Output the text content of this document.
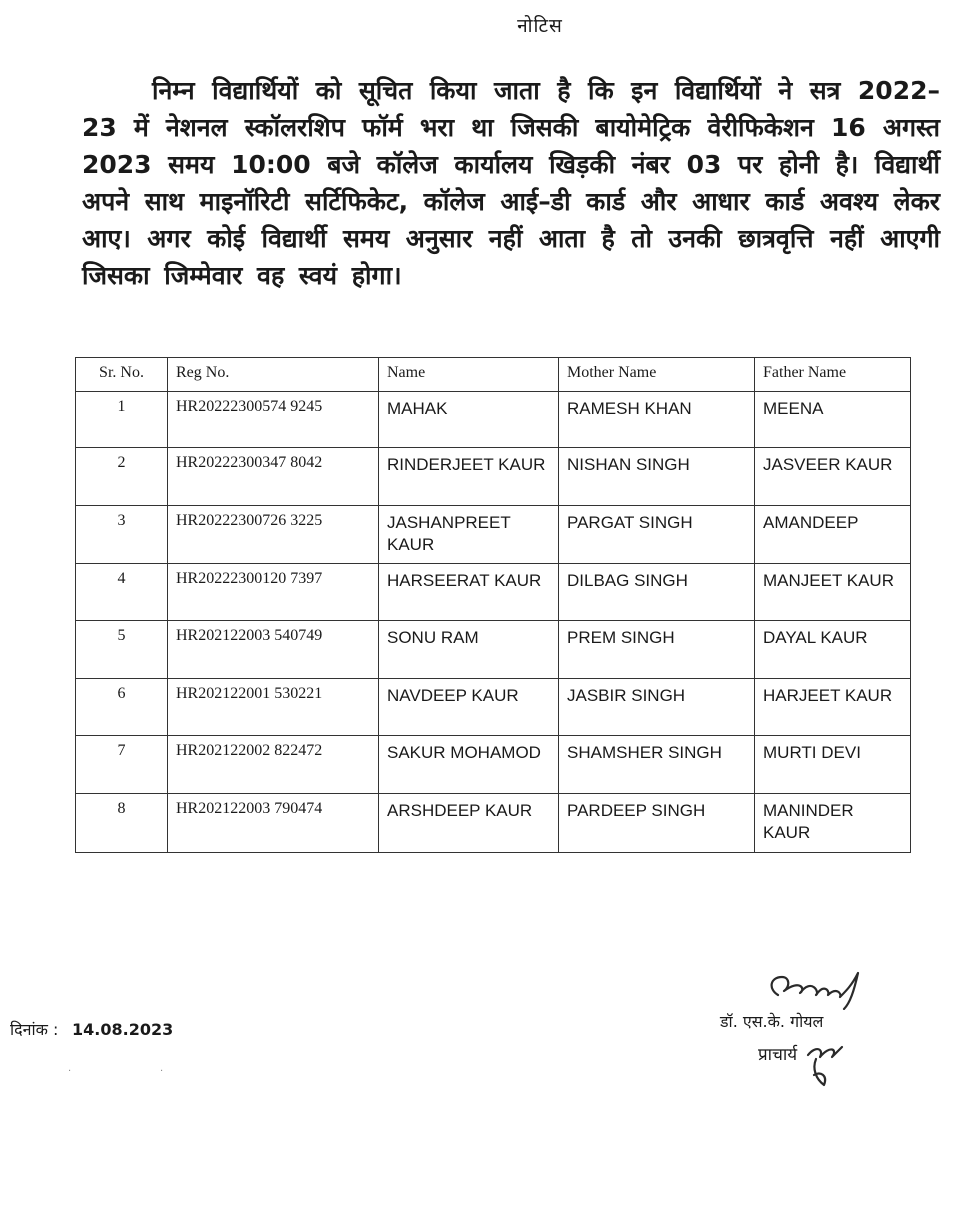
नोटिस
निम्न विद्यार्थियों को सूचित किया जाता है कि इन विद्यार्थियों ने सत्र 2022–23 में नेशनल स्कॉलरशिप फॉर्म भरा था जिसकी बायोमेट्रिक वेरीफिकेशन 16 अगस्त 2023 समय 10:00 बजे कॉलेज कार्यालय खिड़की नंबर 03 पर होनी है। विद्यार्थी अपने साथ माइनॉरिटी सर्टिफिकेट, कॉलेज आई–डी कार्ड और आधार कार्ड अवश्य लेकर आए। अगर कोई विद्यार्थी समय अनुसार नहीं आता है तो उनकी छात्रवृत्ति नहीं आएगी जिसका जिम्मेवार वह स्वयं होगा।
Sr. No.	Reg No.	Name	Mother Name	Father Name
1	HR20222300574 9245	MAHAK	RAMESH KHAN	MEENA
2	HR20222300347 8042	RINDERJEET KAUR	NISHAN SINGH	JASVEER KAUR
3	HR20222300726 3225	JASHANPREET KAUR	PARGAT SINGH	AMANDEEP
4	HR20222300120 7397	HARSEERAT KAUR	DILBAG SINGH	MANJEET KAUR
5	HR202122003 540749	SONU RAM	PREM SINGH	DAYAL KAUR
6	HR202122001 530221	NAVDEEP KAUR	JASBIR SINGH	HARJEET KAUR
7	HR202122002 822472	SAKUR MOHAMOD	SHAMSHER SINGH	MURTI DEVI
8	HR202122003 790474	ARSHDEEP KAUR	PARDEEP SINGH	MANINDER KAUR
दिनांक : 14.08.2023	डॉ. एस.के. गोयल
प्राचार्य
·	·
